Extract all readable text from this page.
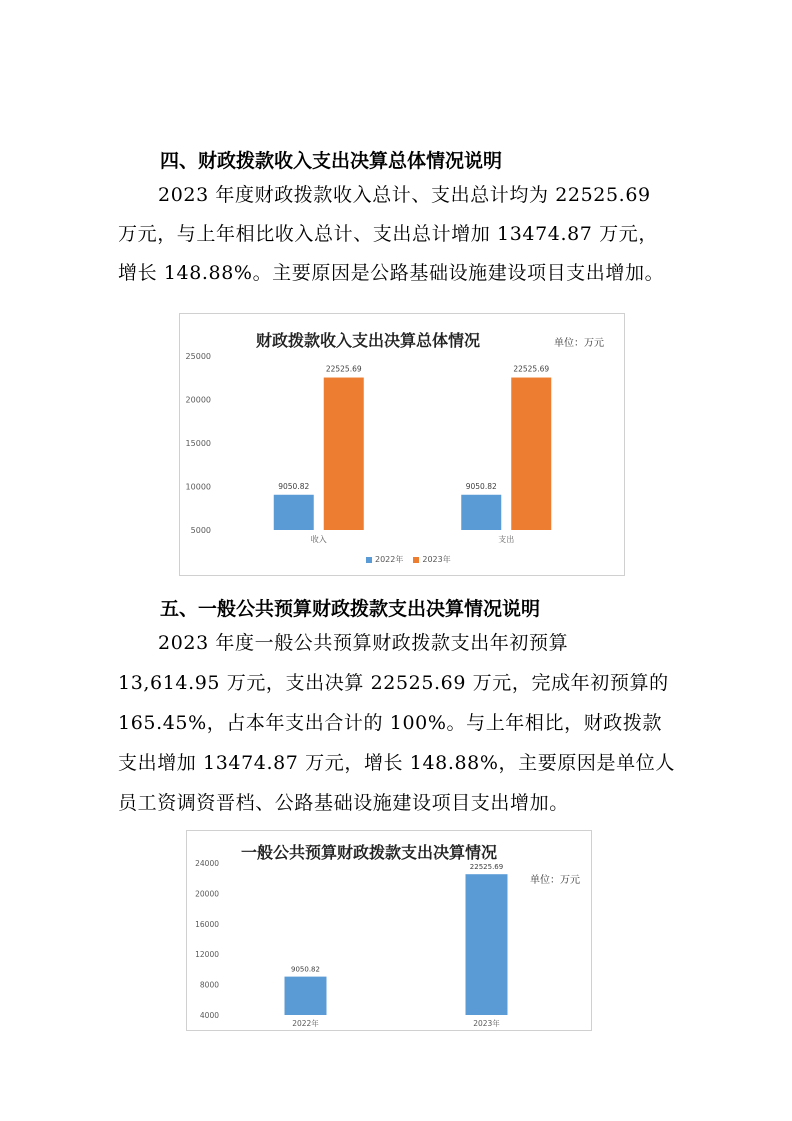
四、财政拨款收入支出决算总体情况说明
2023 年度财政拨款收入总计、支出总计均为 22525.69
万元，与上年相比收入总计、支出总计增加 13474.87 万元，
增长 148.88%。主要原因是公路基础设施建设项目支出增加。
财政拨款收入支出决算总体情况	单位：万元
25000
20000
15000
10000
5000
9050.82
22525.69
收入
9050.82
22525.69
支出
2022年	2023年
五、一般公共预算财政拨款支出决算情况说明
2023 年度一般公共预算财政拨款支出年初预算
13,614.95 万元，支出决算 22525.69 万元，完成年初预算的
165.45%，占本年支出合计的 100%。与上年相比，财政拨款
支出增加 13474.87 万元，增长 148.88%，主要原因是单位人
员工资调资晋档、公路基础设施建设项目支出增加。
一般公共预算财政拨款支出决算情况
单位：万元
24000
20000
16000
12000
8000
4000
9050.82
2022年
22525.69
2023年
